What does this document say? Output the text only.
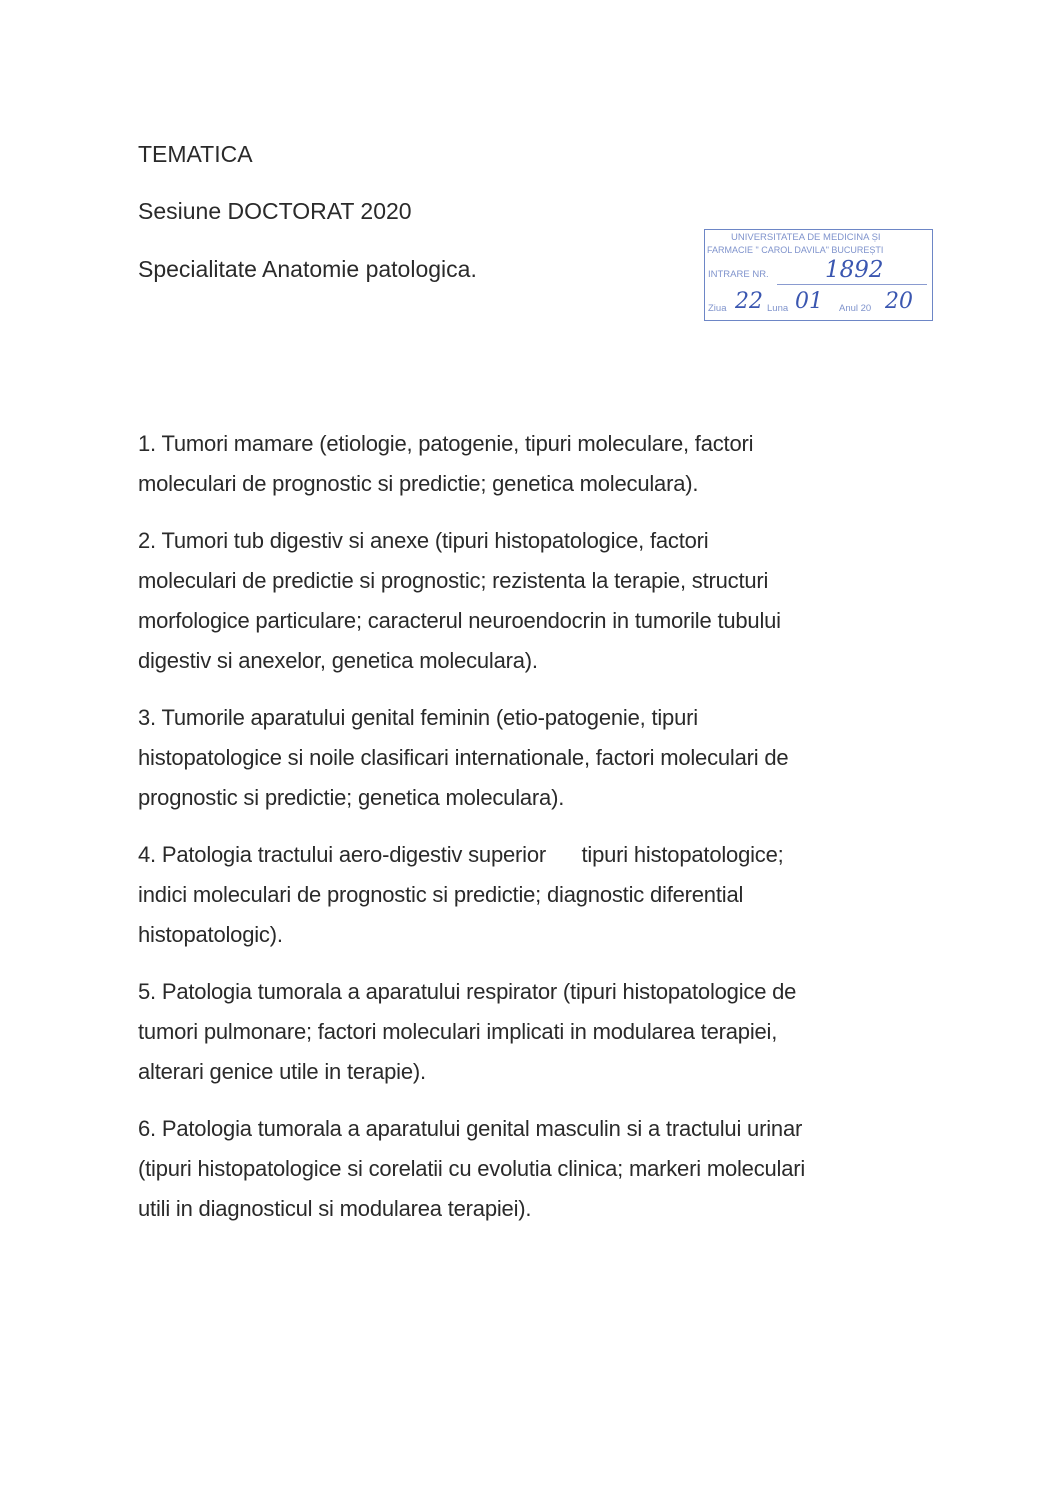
TEMATICA
Sesiune DOCTORAT 2020
Specialitate Anatomie patologica.
UNIVERSITATEA DE MEDICINA ȘI
FARMACIE " CAROL DAVILA" BUCUREȘTI
INTRARE NR. 1892
Ziua 22 Luna 01 Anul 20 20
1. Tumori mamare (etiologie, patogenie, tipuri moleculare, factori
moleculari de prognostic si predictie; genetica moleculara).
2. Tumori tub digestiv si anexe (tipuri histopatologice, factori
moleculari de predictie si prognostic; rezistenta la terapie, structuri
morfologice particulare; caracterul neuroendocrin in tumorile tubului
digestiv si anexelor, genetica moleculara).
3. Tumorile aparatului genital feminin (etio-patogenie, tipuri
histopatologice si noile clasificari internationale, factori moleculari de
prognostic si predictie; genetica moleculara).
4. Patologia tractului aero-digestiv superior      tipuri histopatologice;
indici moleculari de prognostic si predictie; diagnostic diferential
histopatologic).
5. Patologia tumorala a aparatului respirator (tipuri histopatologice de
tumori pulmonare; factori moleculari implicati in modularea terapiei,
alterari genice utile in terapie).
6. Patologia tumorala a aparatului genital masculin si a tractului urinar
(tipuri histopatologice si corelatii cu evolutia clinica; markeri moleculari
utili in diagnosticul si modularea terapiei).
